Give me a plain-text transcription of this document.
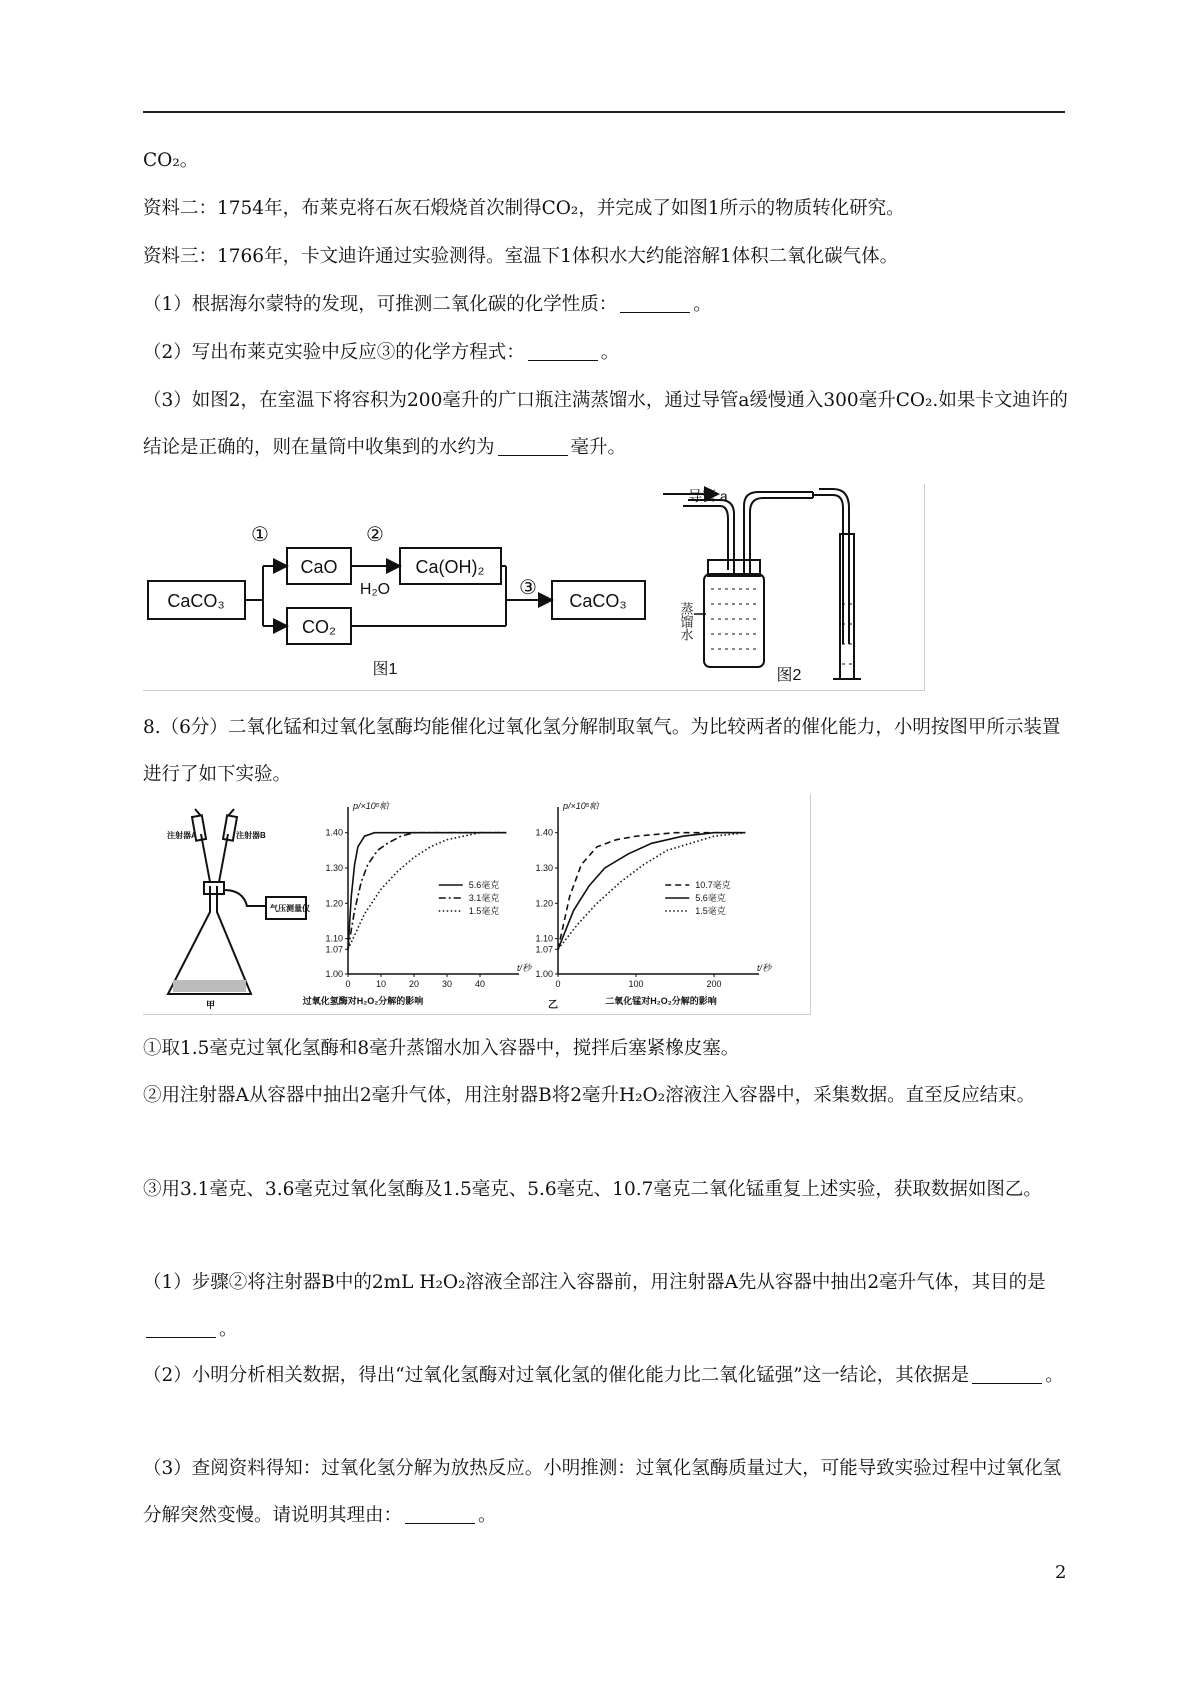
CO₂。
资料二：1754年，布莱克将石灰石煅烧首次制得CO₂，并完成了如图1所示的物质转化研究。
资料三：1766年，卡文迪许通过实验测得。室温下1体积水大约能溶解1体积二氧化碳气体。
（1）根据海尔蒙特的发现，可推测二氧化碳的化学性质：	。
（2）写出布莱克实验中反应③的化学方程式：	。
（3）如图2，在室温下将容积为200毫升的广口瓶注满蒸馏水，通过导管a缓慢通入300毫升CO₂.如果卡文迪许的结论是正确的，则在量筒中收集到的水约为	毫升。
CaCO₃
CaO
CO₂
Ca(OH)₂
CaCO₃
①	②
H₂O	③
图1
导管 a
蒸馏水
图2
8.（6分）二氧化锰和过氧化氢酶均能催化过氧化氢分解制取氧气。为比较两者的催化能力，小明按图甲所示装置进行了如下实验。
注射器A	注射器B
气压测量仪
甲	乙
过氧化氢酶对H₂O₂分解的影响	二氧化锰对H₂O₂分解的影响
1.00
1.07
1.10
1.20
1.30
1.40
0	10	20	30	40
p/×10⁵帕
t/秒
5.6毫克
3.1毫克
1.5毫克
1.00
1.07
1.10
1.20
1.30
1.40
0	100	200
p/×10⁵帕
t/秒
10.7毫克
5.6毫克
1.5毫克
①取1.5毫克过氧化氢酶和8毫升蒸馏水加入容器中，搅拌后塞紧橡皮塞。
②用注射器A从容器中抽出2毫升气体，用注射器B将2毫升H₂O₂溶液注入容器中，采集数据。直至反应结束。
③用3.1毫克、3.6毫克过氧化氢酶及1.5毫克、5.6毫克、10.7毫克二氧化锰重复上述实验，获取数据如图乙。
（1）步骤②将注射器B中的2mL H₂O₂溶液全部注入容器前，用注射器A先从容器中抽出2毫升气体，其目的是。
（2）小明分析相关数据，得出“过氧化氢酶对过氧化氢的催化能力比二氧化锰强”这一结论，其依据是	。
（3）查阅资料得知：过氧化氢分解为放热反应。小明推测：过氧化氢酶质量过大，可能导致实验过程中过氧化氢分解突然变慢。请说明其理由：	。
2
